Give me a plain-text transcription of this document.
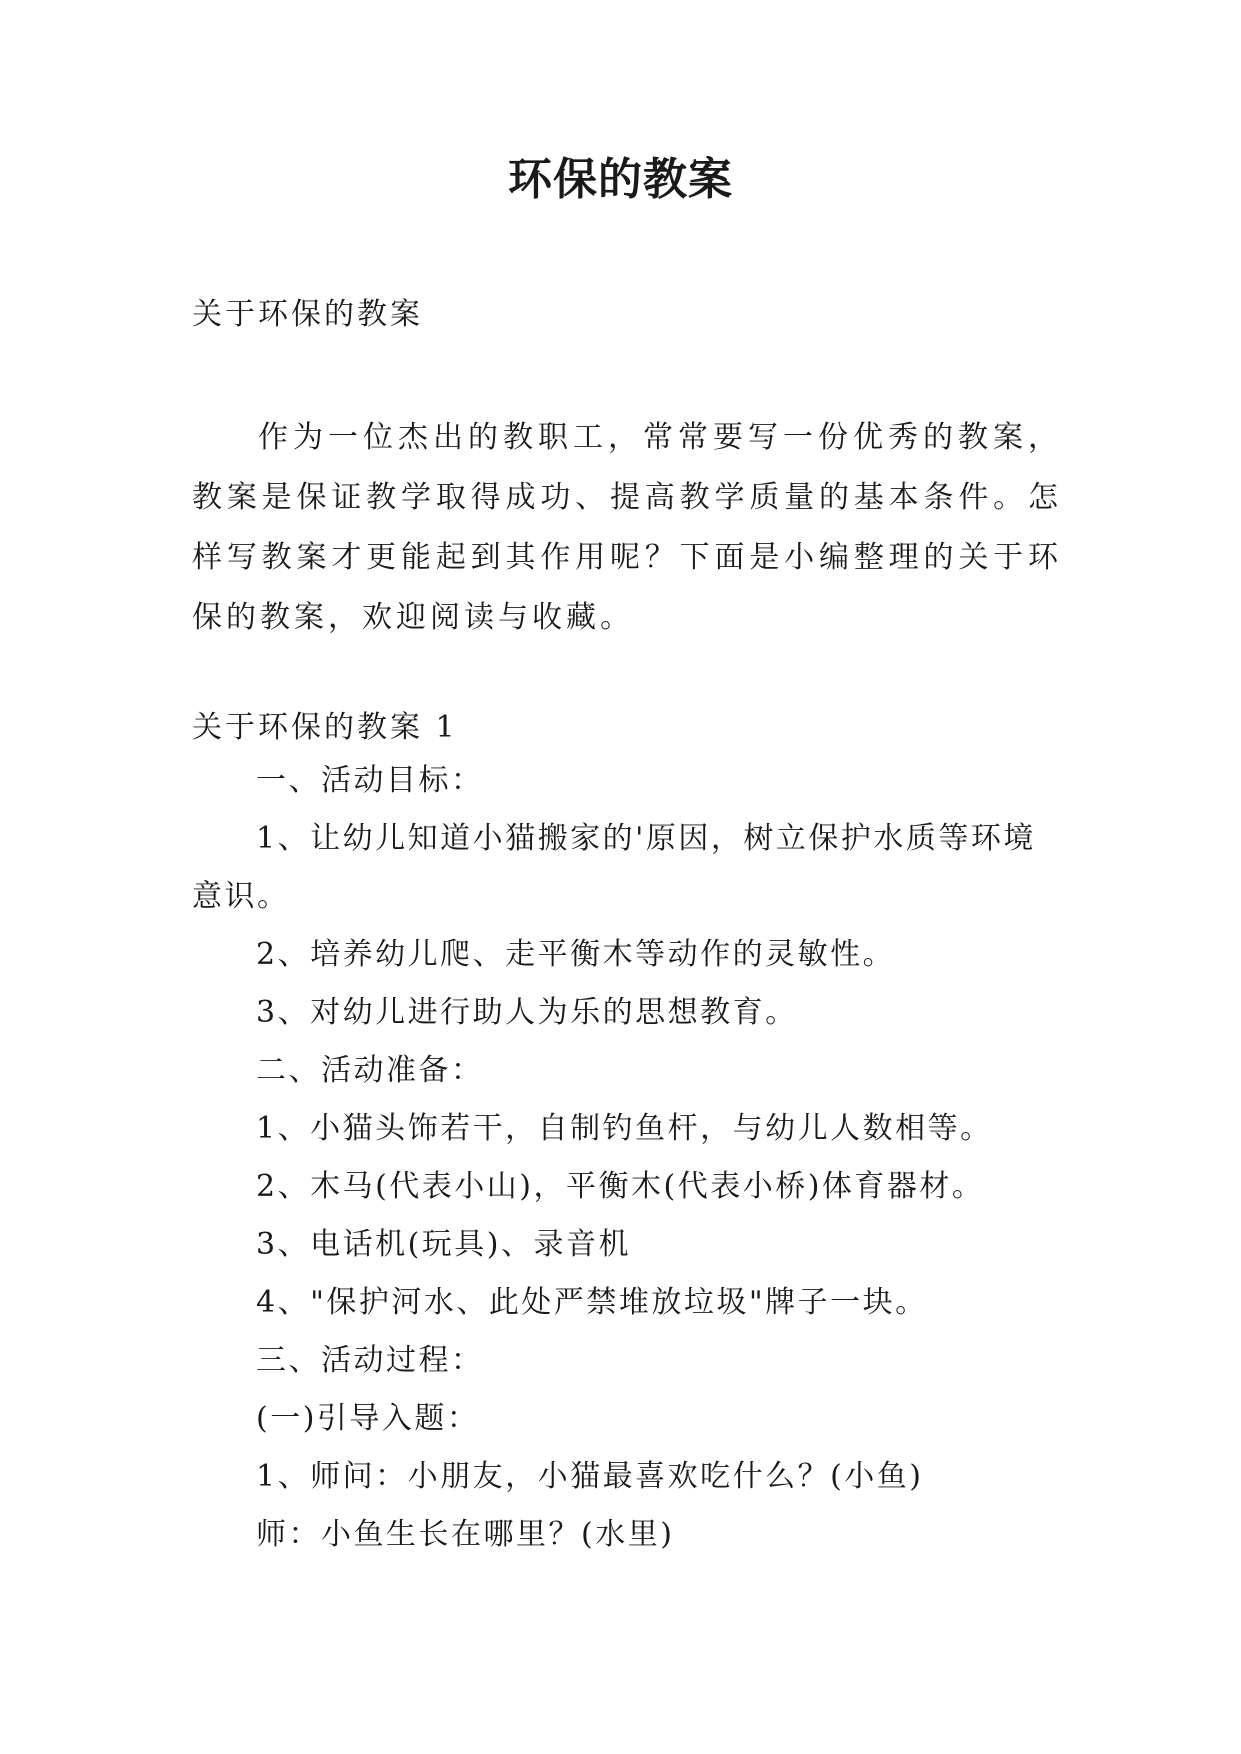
环保的教案
关于环保的教案

作为一位杰出的教职工，常常要写一份优秀的教案，教案是保证教学取得成功、提高教学质量的基本条件。怎样写教案才更能起到其作用呢？下面是小编整理的关于环保的教案，欢迎阅读与收藏。

关于环保的教案 1
一、活动目标：
1、让幼儿知道小猫搬家的'原因，树立保护水质等环境意识。
2、培养幼儿爬、走平衡木等动作的灵敏性。
3、对幼儿进行助人为乐的思想教育。
二、活动准备：
1、小猫头饰若干，自制钓鱼杆，与幼儿人数相等。
2、木马(代表小山)，平衡木(代表小桥)体育器材。
3、电话机(玩具)、录音机
4、"保护河水、此处严禁堆放垃圾"牌子一块。
三、活动过程：
(一)引导入题：
1、师问：小朋友，小猫最喜欢吃什么？(小鱼)
师：小鱼生长在哪里？(水里)
